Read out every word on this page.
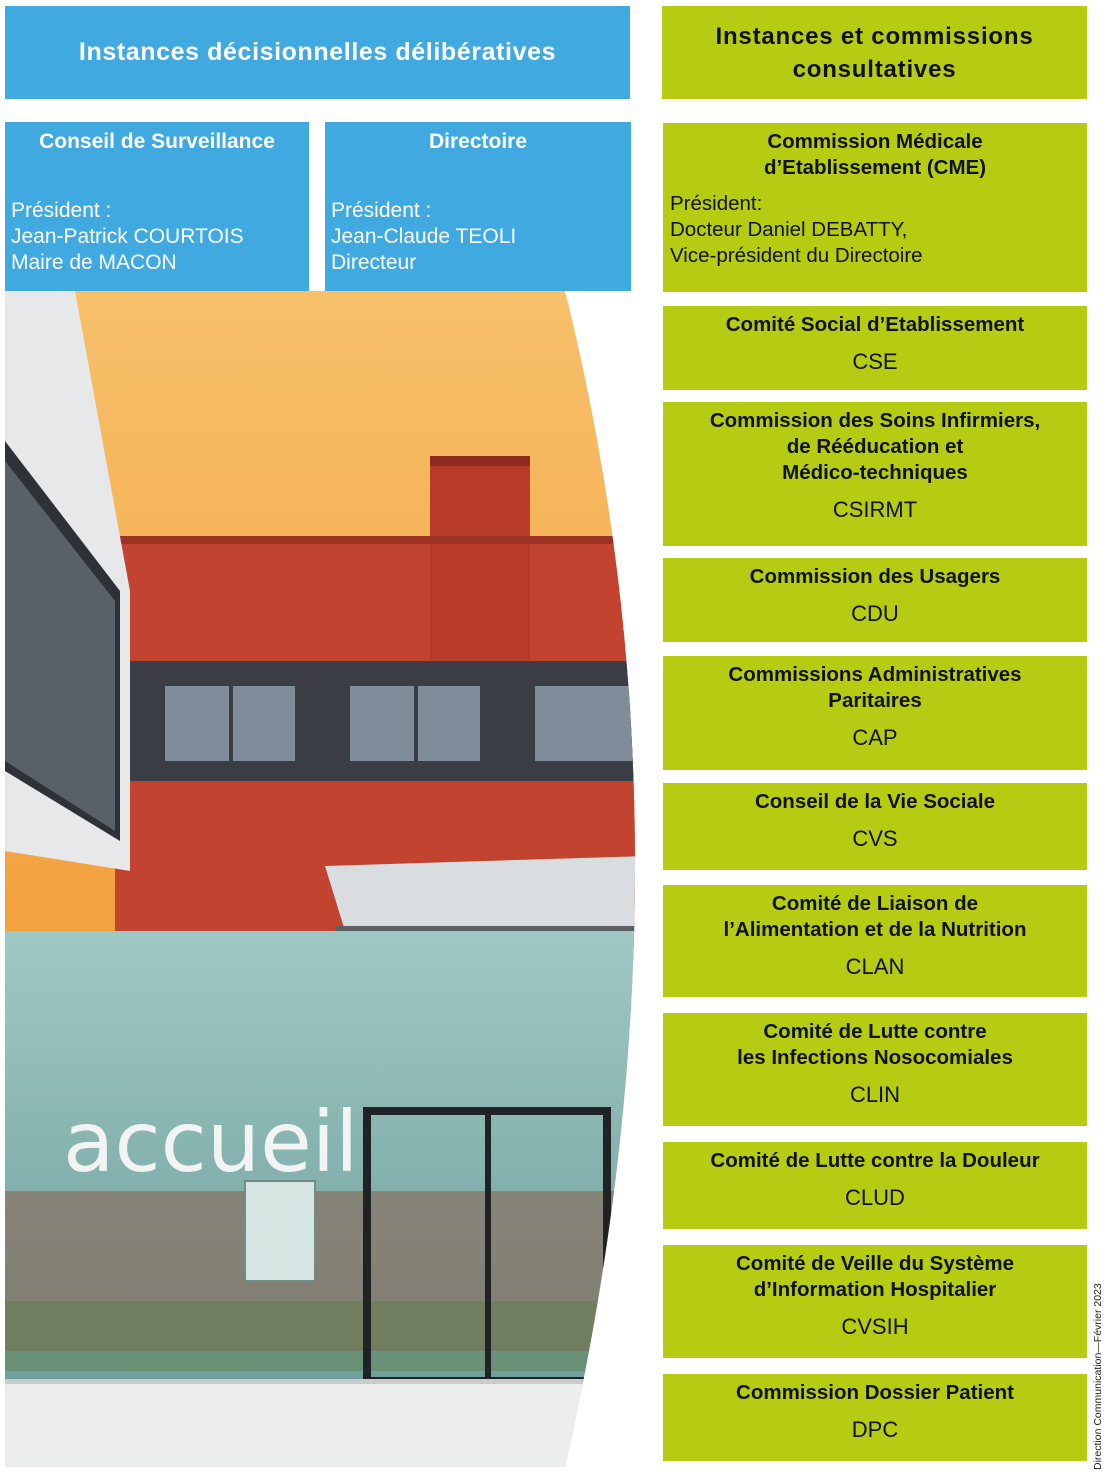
Instances décisionnelles délibératives
Conseil de Surveillance
Président :
Jean-Patrick COURTOIS
Maire de MACON
Directoire
Président :
Jean-Claude TEOLI
Directeur
accueil
Instances et commissions
consultatives
Commission Médicale
d’Etablissement (CME)
Président:
Docteur Daniel DEBATTY,
Vice-président du Directoire
Comité Social d’Etablissement
CSE
Commission des Soins Infirmiers,
de Rééducation et
Médico-techniques
CSIRMT
Commission des Usagers
CDU
Commissions Administratives
Paritaires
CAP
Conseil de la Vie Sociale
CVS
Comité de Liaison de
l’Alimentation et de la Nutrition
CLAN
Comité de Lutte contre
les Infections Nosocomiales
CLIN
Comité de Lutte contre la Douleur
CLUD
Comité de Veille du Système
d’Information Hospitalier
CVSIH
Commission Dossier Patient
DPC	Direction Communication—Février 2023
